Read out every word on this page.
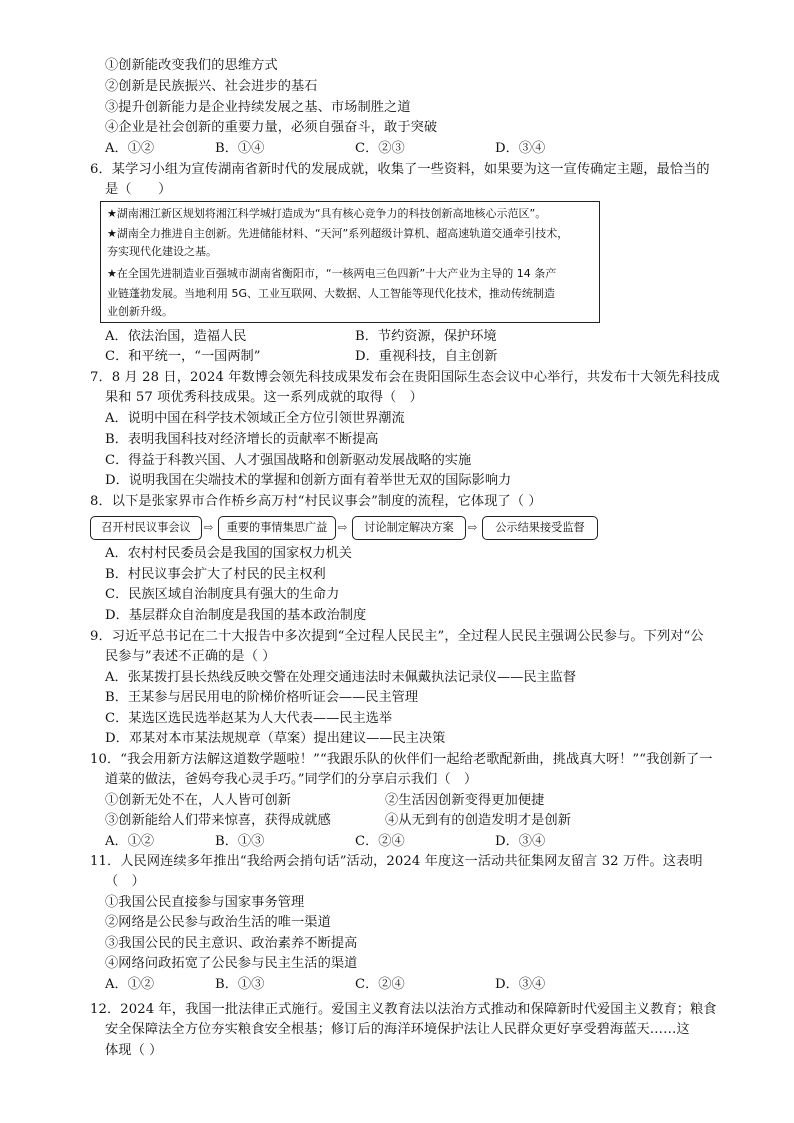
①创新能改变我们的思维方式
②创新是民族振兴、社会进步的基石
③提升创新能力是企业持续发展之基、市场制胜之道
④企业是社会创新的重要力量，必须自强奋斗，敢于突破
A．①②	B．①④	C．②③	D．③④
6．某学习小组为宣传湖南省新时代的发展成就，收集了一些资料，如果要为这一宣传确定主题，最恰当的
是（　　）
★湖南湘江新区规划将湘江科学城打造成为“具有核心竞争力的科技创新高地核心示范区”。
★湖南全力推进自主创新。先进储能材料、“天河”系列超级计算机、超高速轨道交通牵引技术，
夯实现代化建设之基。
★在全国先进制造业百强城市湖南省衡阳市，“一核两电三色四新”十大产业为主导的 14 条产
业链蓬勃发展。当地利用 5G、工业互联网、大数据、人工智能等现代化技术，推动传统制造
业创新升级。
A．依法治国，造福人民	B．节约资源，保护环境
C．和平统一，“一国两制”	D．重视科技，自主创新
7．8 月 28 日，2024 年数博会领先科技成果发布会在贵阳国际生态会议中心举行，共发布十大领先科技成
果和 57 项优秀科技成果。这一系列成就的取得（　）
A．说明中国在科学技术领域正全方位引领世界潮流
B．表明我国科技对经济增长的贡献率不断提高
C．得益于科教兴国、人才强国战略和创新驱动发展战略的实施
D．说明我国在尖端技术的掌握和创新方面有着举世无双的国际影响力
8．以下是张家界市合作桥乡高万村“村民议事会”制度的流程，它体现了（ ）
召开村民议事会议	⇨	重要的事情集思广益 ⇨	讨论制定解决方案	⇨	公示结果接受监督
A．农村村民委员会是我国的国家权力机关
B．村民议事会扩大了村民的民主权利
C．民族区域自治制度具有强大的生命力
D．基层群众自治制度是我国的基本政治制度
9．习近平总书记在二十大报告中多次提到“全过程人民民主”，全过程人民民主强调公民参与。下列对“公
民参与”表述不正确的是（ ）
A．张某拨打县长热线反映交警在处理交通违法时未佩戴执法记录仪——民主监督
B．王某参与居民用电的阶梯价格听证会——民主管理
C．某选区选民选举赵某为人大代表——民主选举
D．邓某对本市某法规规章（草案）提出建议——民主决策
10．“我会用新方法解这道数学题啦！”“我跟乐队的伙伴们一起给老歌配新曲，挑战真大呀！”“我创新了一
道菜的做法，爸妈夸我心灵手巧。”同学们的分享启示我们（　）
①创新无处不在，人人皆可创新	②生活因创新变得更加便捷
③创新能给人们带来惊喜，获得成就感	④从无到有的创造发明才是创新
A．①②	B．①③	C．②④	D．③④
11．人民网连续多年推出“我给两会捎句话”活动，2024 年度这一活动共征集网友留言 32 万件。这表明
（　）
①我国公民直接参与国家事务管理
②网络是公民参与政治生活的唯一渠道
③我国公民的民主意识、政治素养不断提高
④网络问政拓宽了公民参与民主生活的渠道
A．①②	B．①③	C．②④	D．③④
12．2024 年，我国一批法律正式施行。爱国主义教育法以法治方式推动和保障新时代爱国主义教育；粮食
安全保障法全方位夯实粮食安全根基；修订后的海洋环境保护法让人民群众更好享受碧海蓝天……这
体现（ ）
